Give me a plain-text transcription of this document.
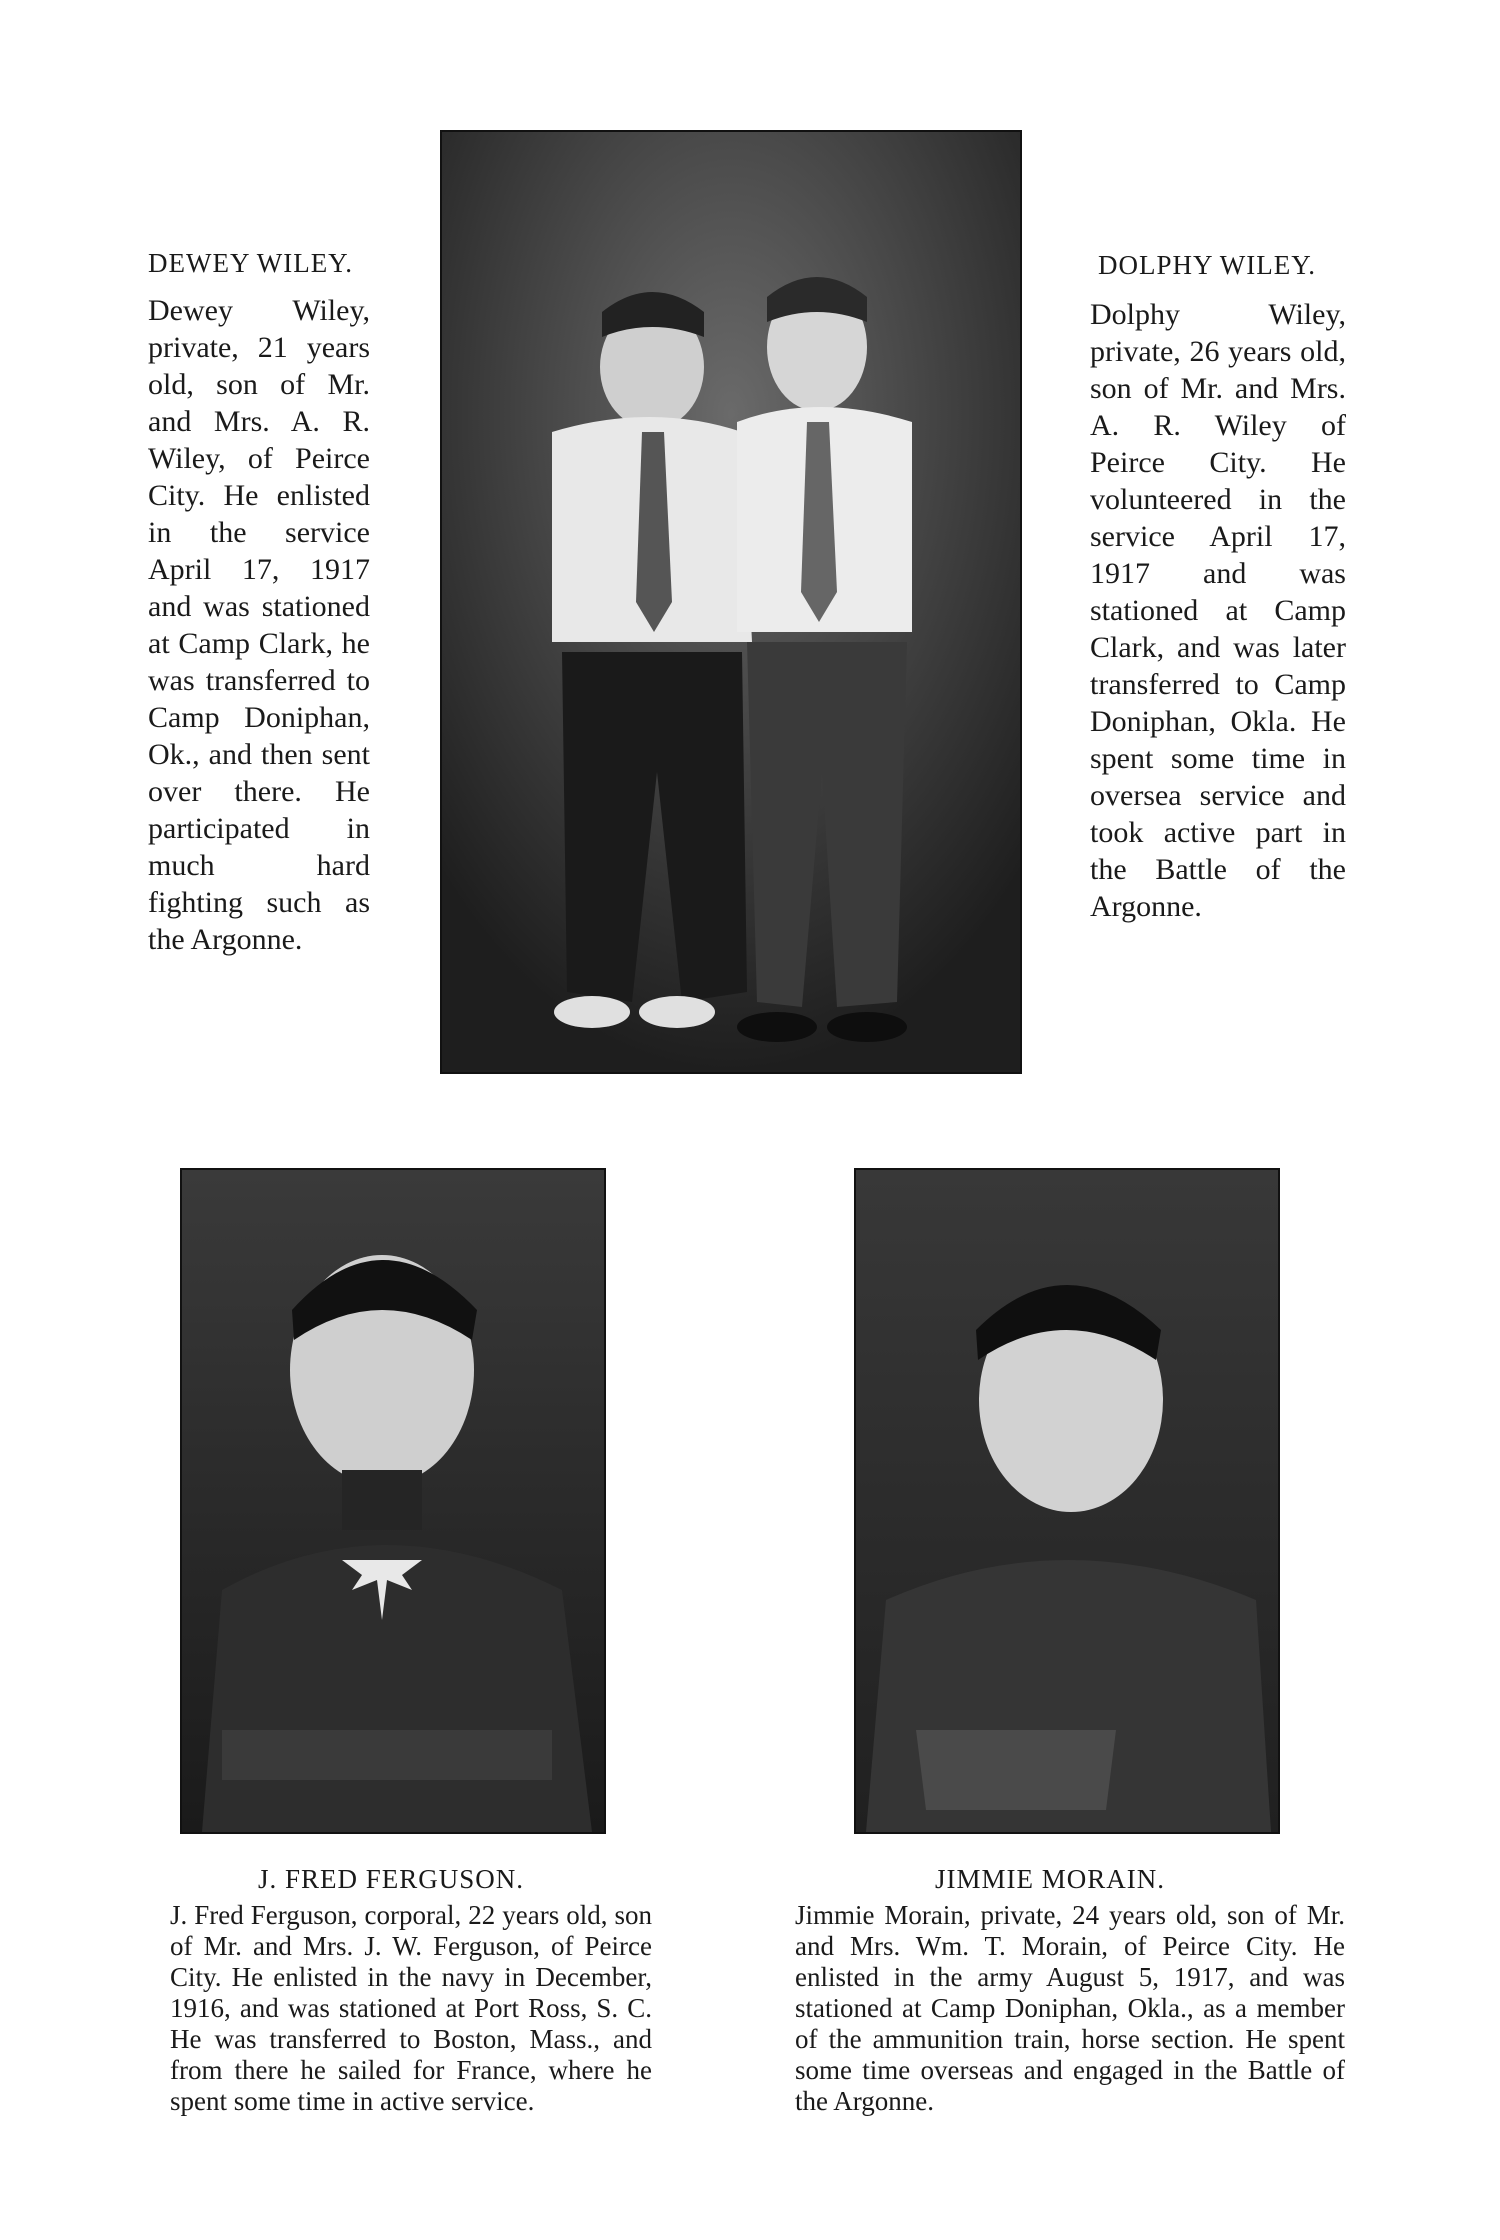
DEWEY WILEY.
Dewey Wiley, private, 21 years old, son of Mr. and Mrs. A. R. Wiley, of Peirce City. He enlisted in the service April 17, 1917 and was stationed at Camp Clark, he was transferred to Camp Doniphan, Ok., and then sent over there. He participated in much hard fighting such as the Argonne.
DOLPHY WILEY.
Dolphy Wiley, private, 26 years old, son of Mr. and Mrs. A. R. Wiley of Peirce City. He volunteered in the service April 17, 1917 and was stationed at Camp Clark, and was later transferred to Camp Doniphan, Okla. He spent some time in oversea service and took active part in the Battle of the Argonne.
J. FRED FERGUSON.
J. Fred Ferguson, corporal, 22 years old, son of Mr. and Mrs. J. W. Ferguson, of Peirce City. He enlisted in the navy in December, 1916, and was stationed at Port Ross, S. C. He was transferred to Boston, Mass., and from there he sailed for France, where he spent some time in active service.
JIMMIE MORAIN.
Jimmie Morain, private, 24 years old, son of Mr. and Mrs. Wm. T. Morain, of Peirce City. He enlisted in the army August 5, 1917, and was stationed at Camp Doniphan, Okla., as a member of the ammunition train, horse section. He spent some time overseas and engaged in the Battle of the Argonne.
